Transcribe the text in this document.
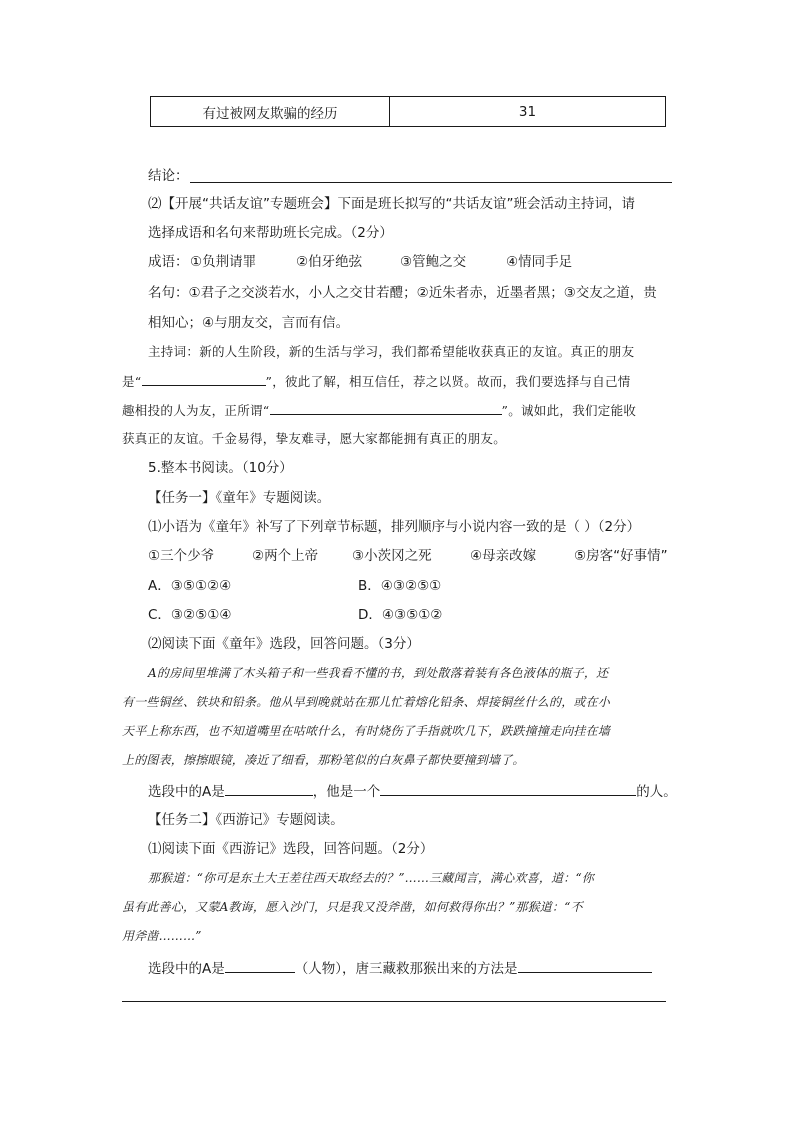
有过被网友欺骗的经历	31
结论：
⑵【开展“共话友谊”专题班会】下面是班长拟写的“共话友谊”班会活动主持词，请
选择成语和名句来帮助班长完成。（2分）
成语： ①负荆请罪	②伯牙绝弦	③管鲍之交	④情同手足
名句：①君子之交淡若水，小人之交甘若醴；②近朱者赤，近墨者黑；③交友之道，贵
相知心；④与朋友交，言而有信。
主持词：新的人生阶段，新的生活与学习，我们都希望能收获真正的友谊。真正的朋友
是“	”，彼此了解，相互信任，荐之以贤。故而，我们要选择与自己情
趣相投的人为友，正所谓“	”。诚如此，我们定能收
获真正的友谊。千金易得，挚友难寻，愿大家都能拥有真正的朋友。
5.整本书阅读。（10分）
【任务一】《童年》专题阅读。
⑴小语为《童年》补写了下列章节标题，排列顺序与小说内容一致的是（ ）（2分）
①三个少爷	②两个上帝	③小茨冈之死	④母亲改嫁	⑤房客“好事情”
A．③⑤①②④	B．④③②⑤①
C．③②⑤①④	D．④③⑤①②
⑵阅读下面《童年》选段，回答问题。（3分）
A的房间里堆满了木头箱子和一些我看不懂的书，到处散落着装有各色液体的瓶子，还
有一些铜丝、铁块和铅条。他从早到晚就站在那儿忙着熔化铅条、焊接铜丝什么的，或在小
天平上称东西，也不知道嘴里在咕哝什么，有时烧伤了手指就吹几下，跌跌撞撞走向挂在墙
上的图表，擦擦眼镜，凑近了细看，那粉笔似的白灰鼻子都快要撞到墙了。
选段中的A是	，他是一个	的人。
【任务二】《西游记》专题阅读。
⑴阅读下面《西游记》选段，回答问题。（2分）
那猴道：“你可是东土大王差往西天取经去的？”……三藏闻言，满心欢喜，道：“你
虽有此善心，又蒙A教诲，愿入沙门，只是我又没斧凿，如何救得你出？”那猴道：“不
用斧凿………”
选段中的A是	（人物），唐三藏救那猴出来的方法是
